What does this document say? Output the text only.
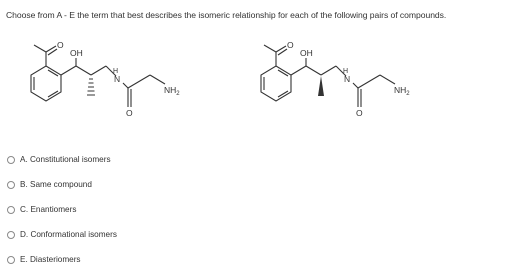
Choose from A - E the term that best describes the isomeric relationship for each of the following pairs of compounds.
OH
O
H
N
O
$NH_2$
OH
O
H
N
O
$NH_2$
A. Constitutional isomers
B. Same compound
C. Enantiomers
D. Conformational isomers
E. Diasteriomers
